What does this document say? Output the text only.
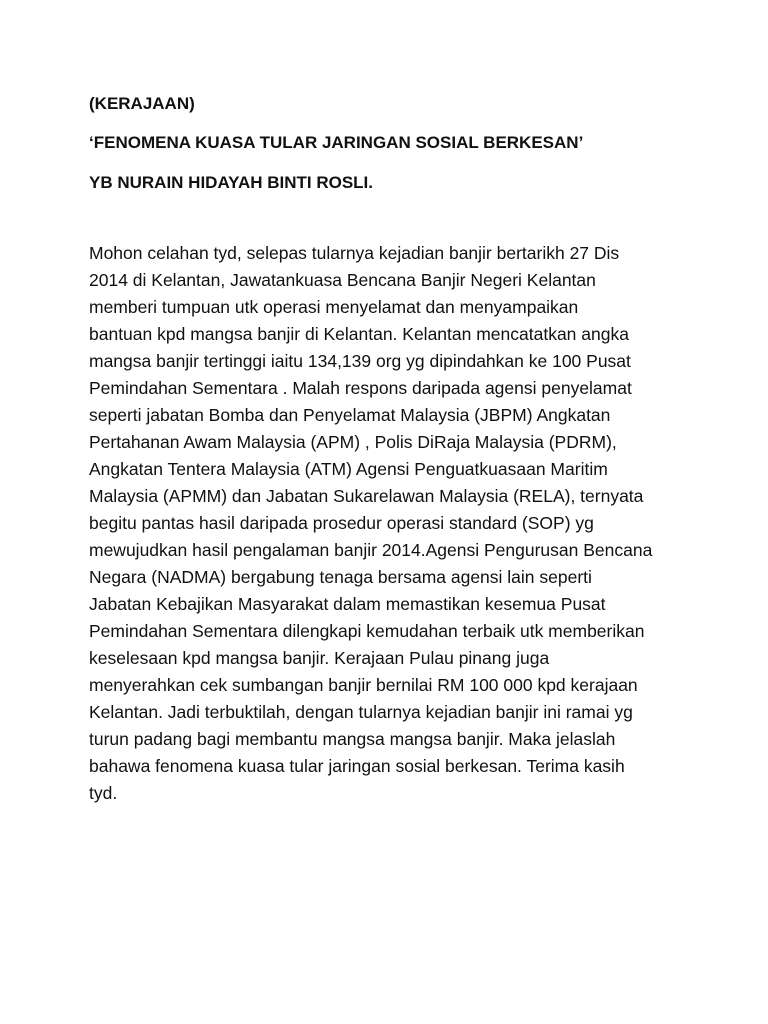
(KERAJAAN)

‘FENOMENA KUASA TULAR JARINGAN SOSIAL BERKESAN’

YB NURAIN HIDAYAH BINTI ROSLI.

Mohon celahan tyd, selepas tularnya kejadian banjir bertarikh 27 Dis
2014 di Kelantan, Jawatankuasa Bencana Banjir Negeri Kelantan
memberi tumpuan utk operasi menyelamat dan menyampaikan
bantuan kpd mangsa banjir di Kelantan. Kelantan mencatatkan angka
mangsa banjir tertinggi iaitu 134,139 org yg dipindahkan ke 100 Pusat
Pemindahan Sementara . Malah respons daripada agensi penyelamat
seperti jabatan Bomba dan Penyelamat Malaysia (JBPM) Angkatan
Pertahanan Awam Malaysia (APM) , Polis DiRaja Malaysia (PDRM),
Angkatan Tentera Malaysia (ATM) Agensi Penguatkuasaan Maritim
Malaysia (APMM) dan Jabatan Sukarelawan Malaysia (RELA), ternyata
begitu pantas hasil daripada prosedur operasi standard (SOP) yg
mewujudkan hasil pengalaman banjir 2014.Agensi Pengurusan Bencana
Negara (NADMA) bergabung tenaga bersama agensi lain seperti
Jabatan Kebajikan Masyarakat dalam memastikan kesemua Pusat
Pemindahan Sementara dilengkapi kemudahan terbaik utk memberikan
keselesaan kpd mangsa banjir. Kerajaan Pulau pinang juga
menyerahkan cek sumbangan banjir bernilai RM 100 000 kpd kerajaan
Kelantan. Jadi terbuktilah, dengan tularnya kejadian banjir ini ramai yg
turun padang bagi membantu mangsa mangsa banjir. Maka jelaslah
bahawa fenomena kuasa tular jaringan sosial berkesan. Terima kasih
tyd.
